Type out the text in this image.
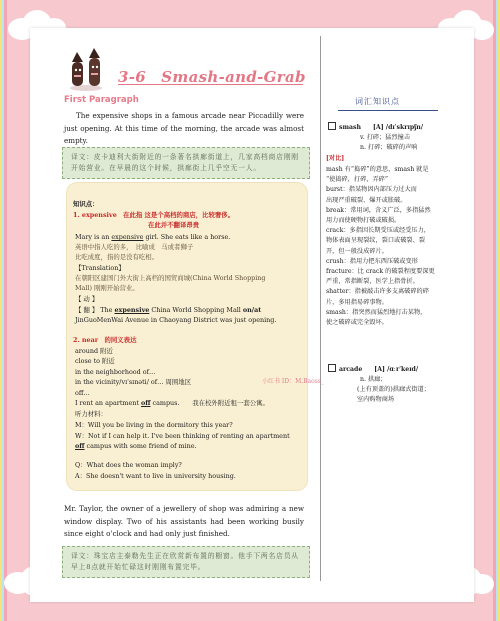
3-6　Smash-and-Grab
First Paragraph
The expensive shops in a famous arcade near Piccadilly were just opening. At this time of the morning, the arcade was almost empty.
译文：皮卡迪利大街附近的一条著名拱廊街道上，几家高档商店刚刚开始营业。在早晨的这个时候，拱廊街上几乎空无一人。
知识点：
1. expensive　在此指 这是个高档的商店，比较奢侈。
在此并不翻译昂贵
Mary is an expensive girl. She eats like a horse.
英语中指人吃的多，　比喻成　马或者狮子
比吃成度，指的是没有吃相。
【Translation】
在朝阳区建国门外大街上高档的国贸商城(China World Shopping
Mall) 刚刚开始营业。
【 动 】
【 翻 】 The expensive China World Shopping Mall on/at
JinGuoMenWai Avenue in Chaoyang District was just opening.
2. near　的同义表达
around 附近
close to 附近
in the neighborhood of…
in the vicinity/vɪˈsɪnəti/ of… 周围地区
off…
I rent an apartment off campus.　　我在校外附近租一套公寓。
听力材料：
M：Will you be living in the dormitory this year?
W：Not if I can help it. I've been thinking of renting an apartment
off campus with some friend of mine.
Q：What does the woman imply?
A：She doesn't want to live in university housing.
Mr. Taylor, the owner of a jewellery of shop was admiring a new window display. Two of his assistants had been working busily since eight o'clock and had only just finished.
译文：珠宝店主泰勒先生正在欣赏新布置的橱窗。他手下两名店员从早上8点就开始忙碌这时刚刚布置完毕。
词汇知识点
smash [A] /dɪˈskrɪpʃn/
v. 打碎；猛烈撞击
n. 打碎；破碎的声响
[对比]
mash 有“捣碎”的意思，smash 就是
“使捣碎，打碎，弄碎”
burst：指某物因内部压力过大而
出现严重破裂、爆开或胀破。
break：常用词，含义广泛，多指猛然
用力而使硬物打破或破损。
crack：多指因长期受压或经受压力，
物体表面呈现裂纹，裂口或破裂、裂
开，但一般没成碎片。
crush：指用力把东西压破或变形
fracture：比 crack 的破裂程度要深更
严重，常指断裂，医学上指骨折。
shatter：指被敲击许多支离破碎的碎
片，多用指易碎事物。
smash：指突然而猛烈地打击某物，
使之破碎或完全毁坏。
小红书 ID：M.Baoss_
arcade [A] /ɑːrˈkeɪd/
n. 拱廊；
(上有顶盖的)拱廊式街道；
室内购物商场
